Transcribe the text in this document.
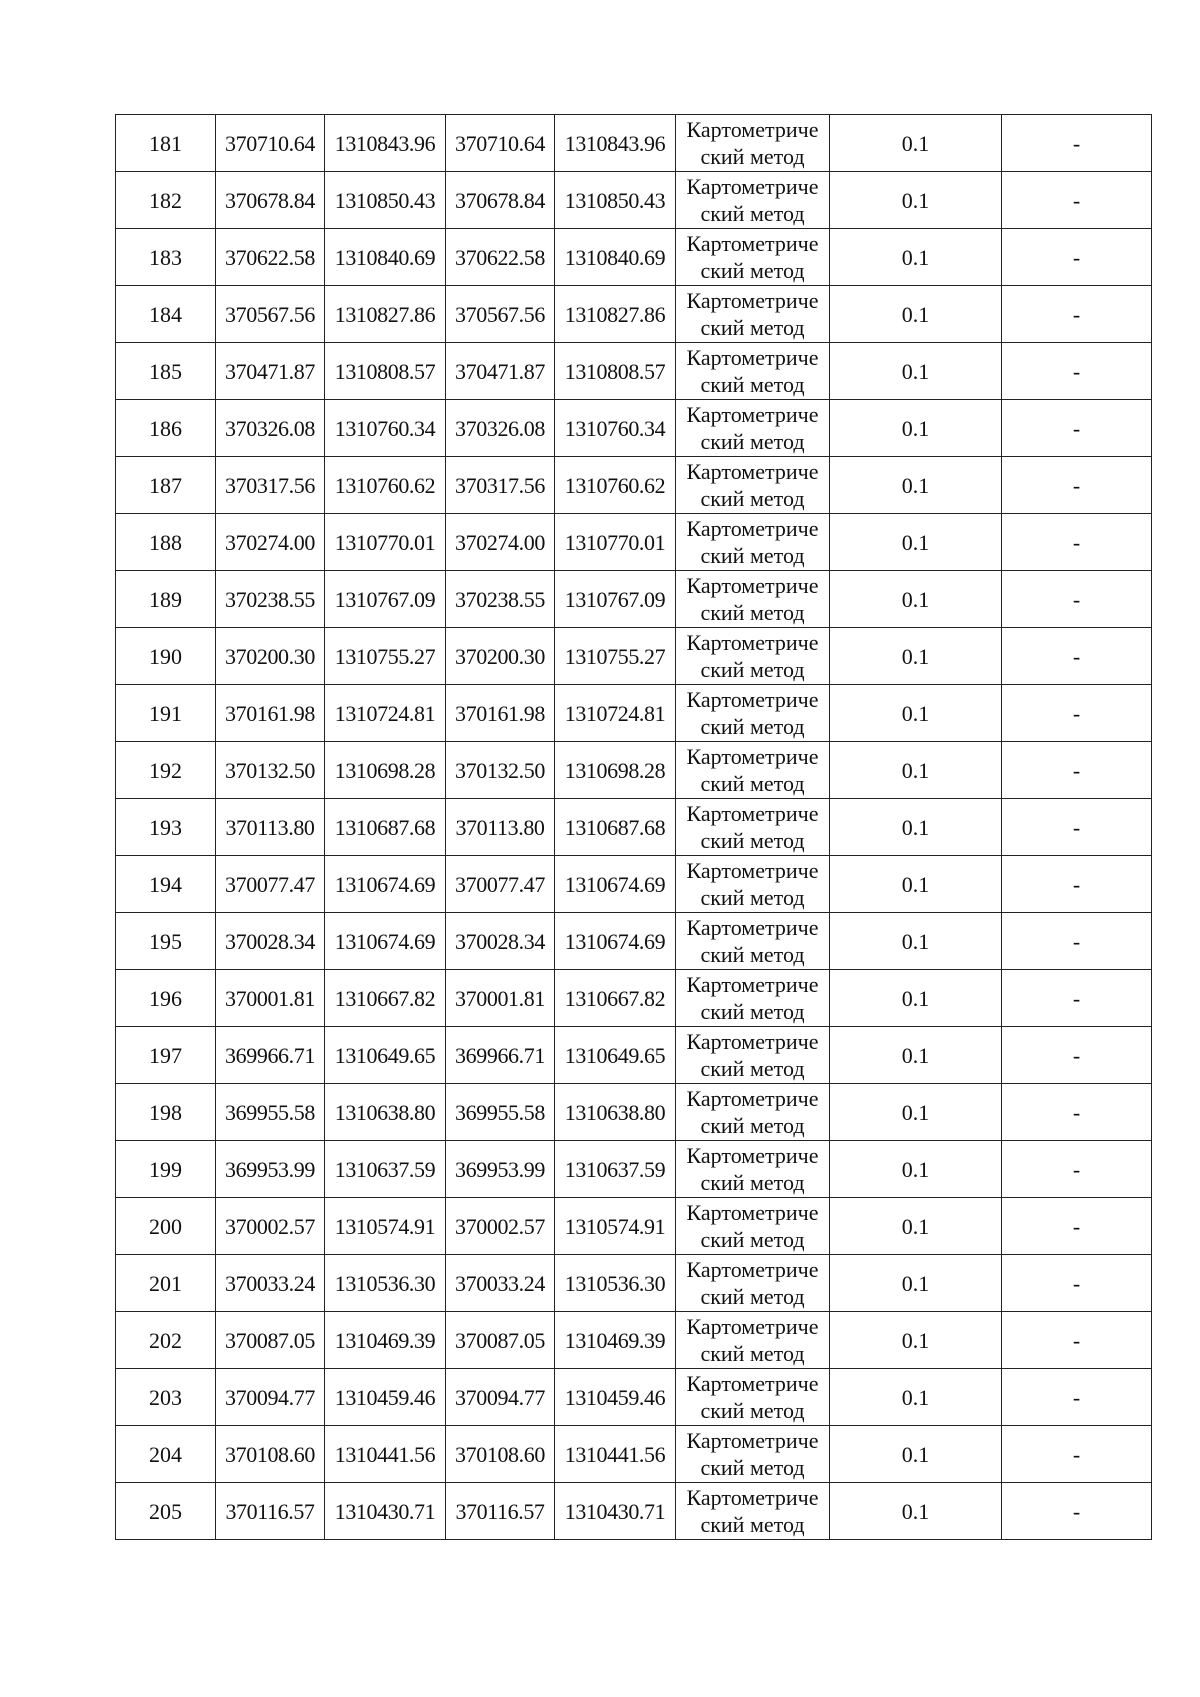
181	370710.64	1310843.96	370710.64	1310843.96	Картометриче
ский метод	0.1	-
182	370678.84	1310850.43	370678.84	1310850.43	Картометриче
ский метод	0.1	-
183	370622.58	1310840.69	370622.58	1310840.69	Картометриче
ский метод	0.1	-
184	370567.56	1310827.86	370567.56	1310827.86	Картометриче
ский метод	0.1	-
185	370471.87	1310808.57	370471.87	1310808.57	Картометриче
ский метод	0.1	-
186	370326.08	1310760.34	370326.08	1310760.34	Картометриче
ский метод	0.1	-
187	370317.56	1310760.62	370317.56	1310760.62	Картометриче
ский метод	0.1	-
188	370274.00	1310770.01	370274.00	1310770.01	Картометриче
ский метод	0.1	-
189	370238.55	1310767.09	370238.55	1310767.09	Картометриче
ский метод	0.1	-
190	370200.30	1310755.27	370200.30	1310755.27	Картометриче
ский метод	0.1	-
191	370161.98	1310724.81	370161.98	1310724.81	Картометриче
ский метод	0.1	-
192	370132.50	1310698.28	370132.50	1310698.28	Картометриче
ский метод	0.1	-
193	370113.80	1310687.68	370113.80	1310687.68	Картометриче
ский метод	0.1	-
194	370077.47	1310674.69	370077.47	1310674.69	Картометриче
ский метод	0.1	-
195	370028.34	1310674.69	370028.34	1310674.69	Картометриче
ский метод	0.1	-
196	370001.81	1310667.82	370001.81	1310667.82	Картометриче
ский метод	0.1	-
197	369966.71	1310649.65	369966.71	1310649.65	Картометриче
ский метод	0.1	-
198	369955.58	1310638.80	369955.58	1310638.80	Картометриче
ский метод	0.1	-
199	369953.99	1310637.59	369953.99	1310637.59	Картометриче
ский метод	0.1	-
200	370002.57	1310574.91	370002.57	1310574.91	Картометриче
ский метод	0.1	-
201	370033.24	1310536.30	370033.24	1310536.30	Картометриче
ский метод	0.1	-
202	370087.05	1310469.39	370087.05	1310469.39	Картометриче
ский метод	0.1	-
203	370094.77	1310459.46	370094.77	1310459.46	Картометриче
ский метод	0.1	-
204	370108.60	1310441.56	370108.60	1310441.56	Картометриче
ский метод	0.1	-
205	370116.57	1310430.71	370116.57	1310430.71	Картометриче
ский метод	0.1	-
